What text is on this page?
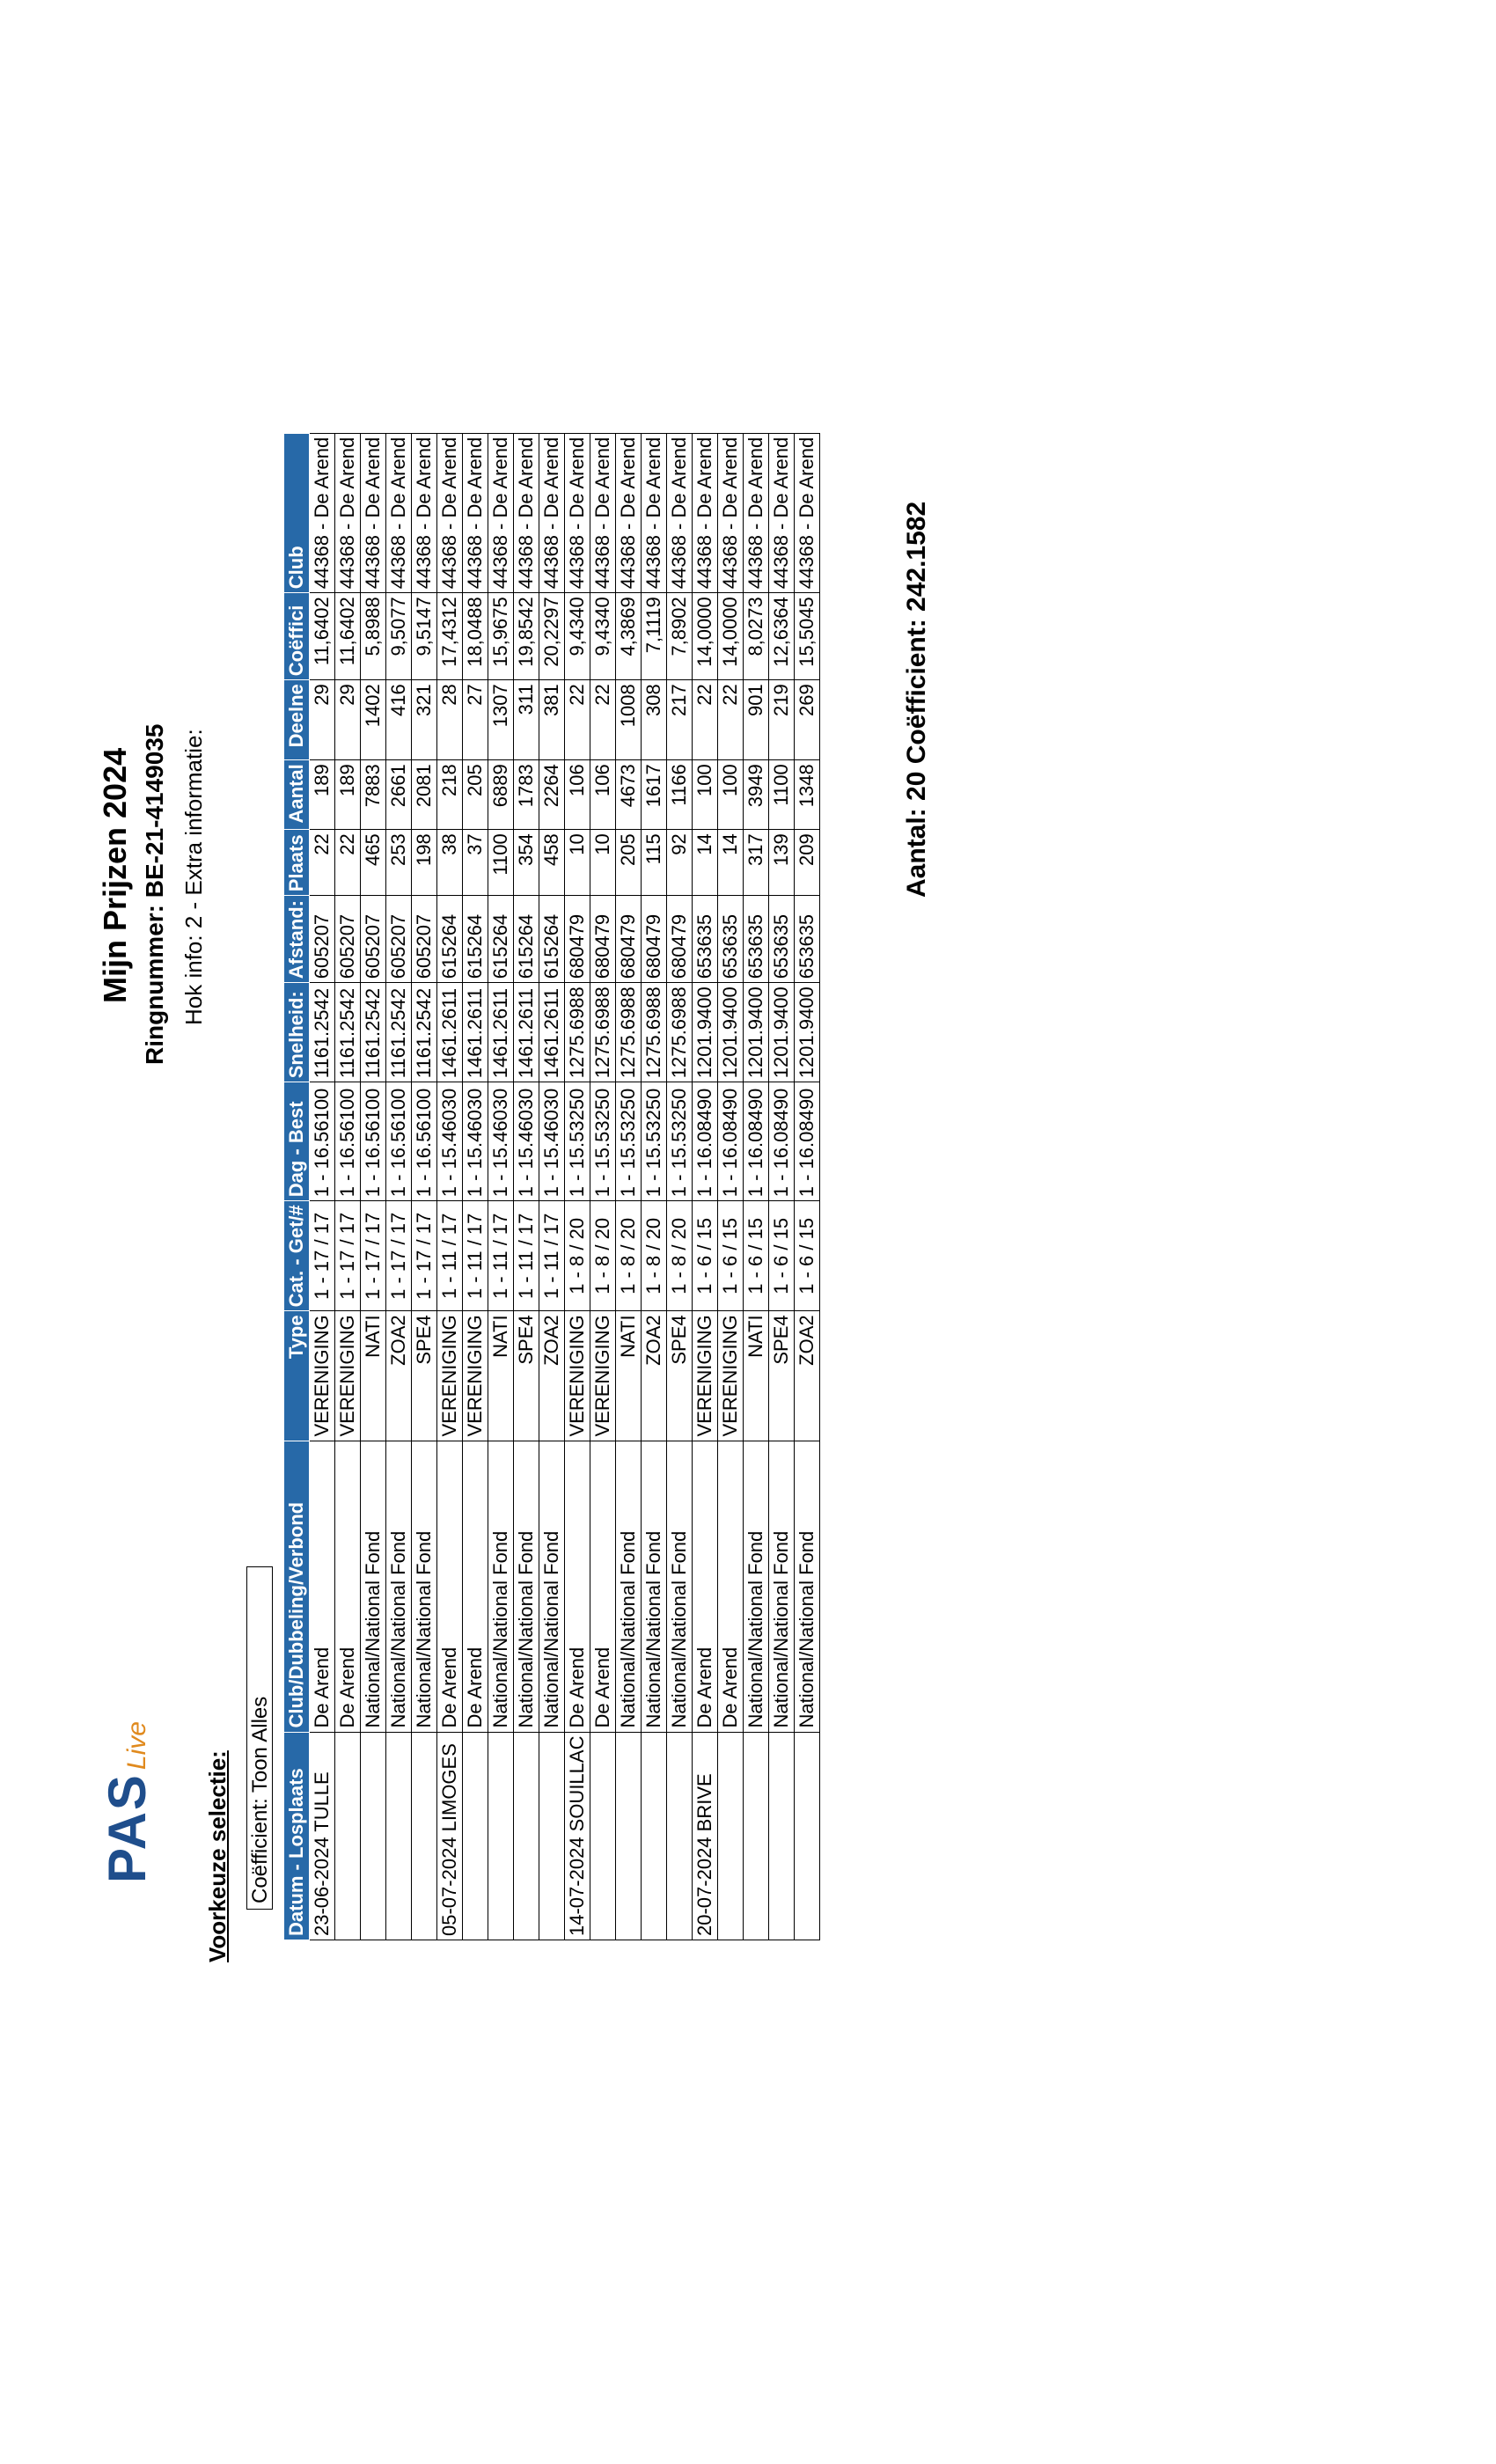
PASLive
Voorkeuze selectie: Coëfficient: Toon Alles
Mijn Prijzen 2024 Ringnummer: BE-21-4149035 Hok info: 2 - Extra informatie:
Datum - Losplaats	Club/Dubbeling/Verbond	Type	Cat. - Get/#	Dag - Best	Snelheid:	Afstand:	Plaats	Aantal	Deelne	Coëffici	Club
23-06-2024 TULLE	De Arend	VERENIGING	1 - 17 / 17	1 - 16.56100	1161.2542	605207	22	189	29	11,6402	44368 - De Arend
	De Arend	VERENIGING	1 - 17 / 17	1 - 16.56100	1161.2542	605207	22	189	29	11,6402	44368 - De Arend
	National/National Fond	NATI	1 - 17 / 17	1 - 16.56100	1161.2542	605207	465	7883	1402	5,8988	44368 - De Arend
	National/National Fond	ZOA2	1 - 17 / 17	1 - 16.56100	1161.2542	605207	253	2661	416	9,5077	44368 - De Arend
	National/National Fond	SPE4	1 - 17 / 17	1 - 16.56100	1161.2542	605207	198	2081	321	9,5147	44368 - De Arend
05-07-2024 LIMOGES	De Arend	VERENIGING	1 - 11 / 17	1 - 15.46030	1461.2611	615264	38	218	28	17,4312	44368 - De Arend
	De Arend	VERENIGING	1 - 11 / 17	1 - 15.46030	1461.2611	615264	37	205	27	18,0488	44368 - De Arend
	National/National Fond	NATI	1 - 11 / 17	1 - 15.46030	1461.2611	615264	1100	6889	1307	15,9675	44368 - De Arend
	National/National Fond	SPE4	1 - 11 / 17	1 - 15.46030	1461.2611	615264	354	1783	311	19,8542	44368 - De Arend
	National/National Fond	ZOA2	1 - 11 / 17	1 - 15.46030	1461.2611	615264	458	2264	381	20,2297	44368 - De Arend
14-07-2024 SOUILLAC	De Arend	VERENIGING	1 - 8 / 20	1 - 15.53250	1275.6988	680479	10	106	22	9,4340	44368 - De Arend
	De Arend	VERENIGING	1 - 8 / 20	1 - 15.53250	1275.6988	680479	10	106	22	9,4340	44368 - De Arend
	National/National Fond	NATI	1 - 8 / 20	1 - 15.53250	1275.6988	680479	205	4673	1008	4,3869	44368 - De Arend
	National/National Fond	ZOA2	1 - 8 / 20	1 - 15.53250	1275.6988	680479	115	1617	308	7,1119	44368 - De Arend
	National/National Fond	SPE4	1 - 8 / 20	1 - 15.53250	1275.6988	680479	92	1166	217	7,8902	44368 - De Arend
20-07-2024 BRIVE	De Arend	VERENIGING	1 - 6 / 15	1 - 16.08490	1201.9400	653635	14	100	22	14,0000	44368 - De Arend
	De Arend	VERENIGING	1 - 6 / 15	1 - 16.08490	1201.9400	653635	14	100	22	14,0000	44368 - De Arend
	National/National Fond	NATI	1 - 6 / 15	1 - 16.08490	1201.9400	653635	317	3949	901	8,0273	44368 - De Arend
	National/National Fond	SPE4	1 - 6 / 15	1 - 16.08490	1201.9400	653635	139	1100	219	12,6364	44368 - De Arend
	National/National Fond	ZOA2	1 - 6 / 15	1 - 16.08490	1201.9400	653635	209	1348	269	15,5045	44368 - De Arend	Aantal: 20 Coëfficient: 242.1582
